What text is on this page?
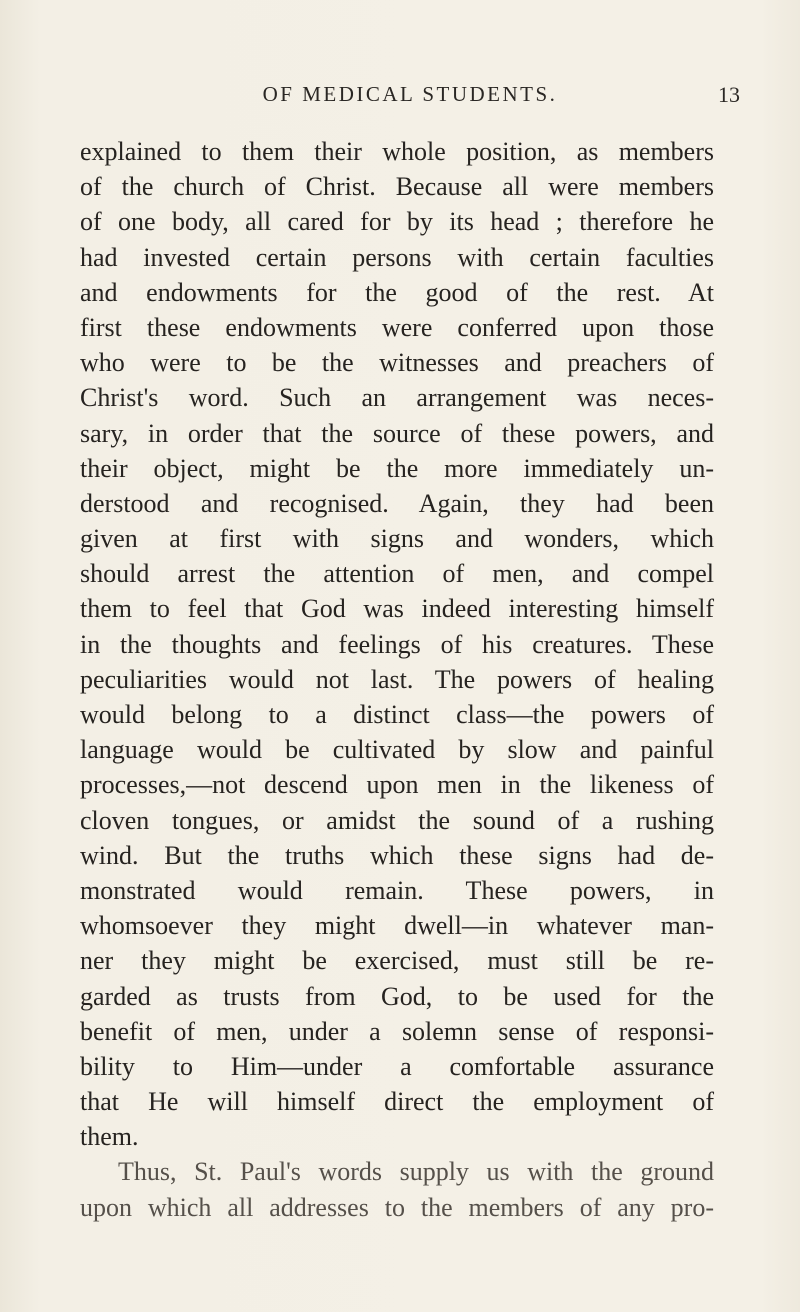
OF MEDICAL STUDENTS.	13
explained to them their whole position, as members
of the church of Christ. Because all were members
of one body, all cared for by its head ; therefore he
had invested certain persons with certain faculties
and endowments for the good of the rest. At
first these endowments were conferred upon those
who were to be the witnesses and preachers of
Christ's word. Such an arrangement was neces-
sary, in order that the source of these powers, and
their object, might be the more immediately un-
derstood and recognised. Again, they had been
given at first with signs and wonders, which
should arrest the attention of men, and compel
them to feel that God was indeed interesting himself
in the thoughts and feelings of his creatures. These
peculiarities would not last. The powers of healing
would belong to a distinct class—the powers of
language would be cultivated by slow and painful
processes,—not descend upon men in the likeness of
cloven tongues, or amidst the sound of a rushing
wind. But the truths which these signs had de-
monstrated would remain. These powers, in
whomsoever they might dwell—in whatever man-
ner they might be exercised, must still be re-
garded as trusts from God, to be used for the
benefit of men, under a solemn sense of responsi-
bility to Him—under a comfortable assurance
that He will himself direct the employment of
them.
Thus, St. Paul's words supply us with the ground
upon which all addresses to the members of any pro-
